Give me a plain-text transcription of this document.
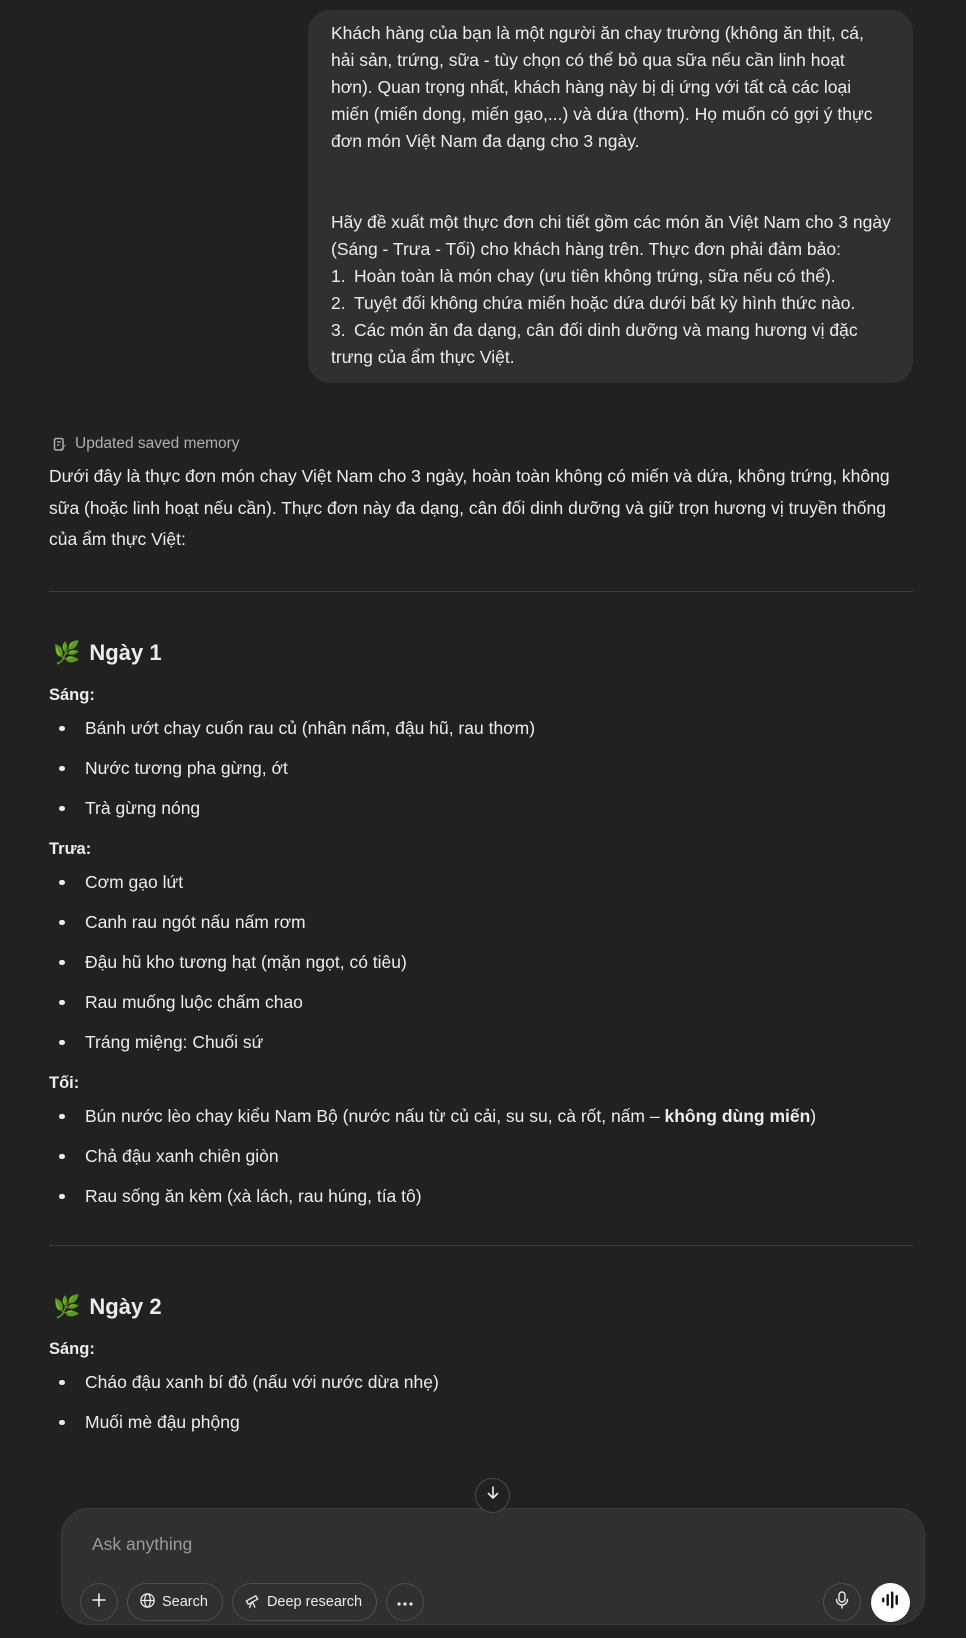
Khách hàng của bạn là một người ăn chay trường (không ăn thịt, cá, hải sản, trứng, sữa - tùy chọn có thể bỏ qua sữa nếu cần linh hoạt hơn). Quan trọng nhất, khách hàng này bị dị ứng với tất cả các loại miến (miến dong, miến gạo,...) và dứa (thơm). Họ muốn có gợi ý thực đơn món Việt Nam đa dạng cho 3 ngày.

Hãy đề xuất một thực đơn chi tiết gồm các món ăn Việt Nam cho 3 ngày (Sáng - Trưa - Tối) cho khách hàng trên. Thực đơn phải đảm bảo:

1. Hoàn toàn là món chay (ưu tiên không trứng, sữa nếu có thể).
2. Tuyệt đối không chứa miến hoặc dứa dưới bất kỳ hình thức nào.
3. Các món ăn đa dạng, cân đối dinh dưỡng và mang hương vị đặc trưng của ẩm thực Việt.
Updated saved memory

Dưới đây là thực đơn món chay Việt Nam cho 3 ngày, hoàn toàn không có miến và dứa, không trứng, không sữa (hoặc linh hoạt nếu cần). Thực đơn này đa dạng, cân đối dinh dưỡng và giữ trọn hương vị truyền thống của ẩm thực Việt:

🌿 Ngày 1
Sáng:
Bánh ướt chay cuốn rau củ (nhân nấm, đậu hũ, rau thơm)
Nước tương pha gừng, ớt
Trà gừng nóng
Trưa:
Cơm gạo lứt
Canh rau ngót nấu nấm rơm
Đậu hũ kho tương hạt (mặn ngọt, có tiêu)
Rau muống luộc chấm chao
Tráng miệng: Chuối sứ
Tối:
Bún nước lèo chay kiểu Nam Bộ (nước nấu từ củ cải, su su, cà rốt, nấm – không dùng miến)
Chả đậu xanh chiên giòn
Rau sống ăn kèm (xà lách, rau húng, tía tô)
🌿 Ngày 2
Sáng:
Cháo đậu xanh bí đỏ (nấu với nước dừa nhẹ)
Muối mè đậu phộng
Ask anything
Search	Deep research
